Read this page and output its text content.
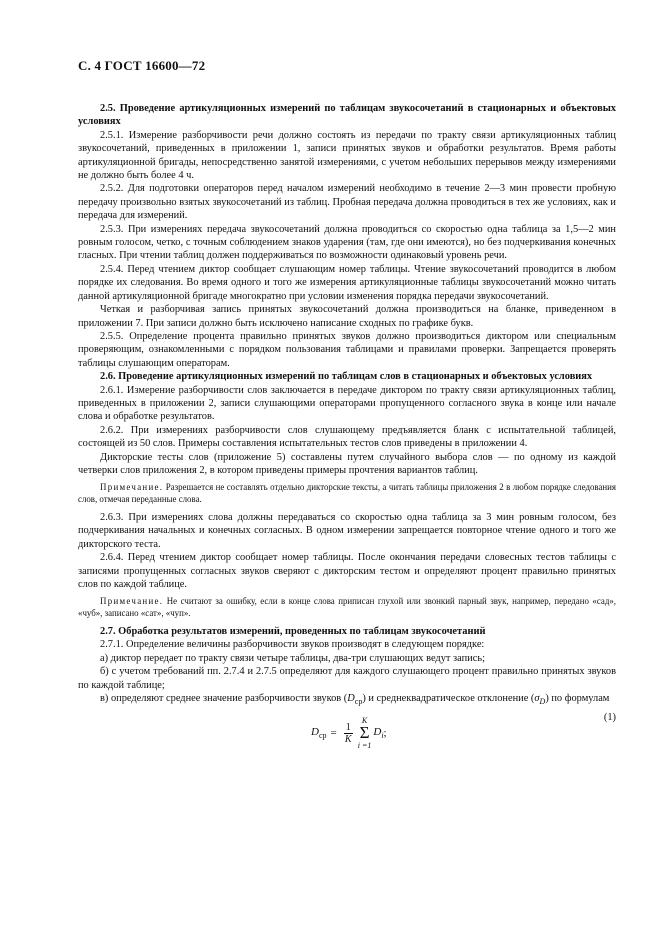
С. 4 ГОСТ 16600—72

2.5. Проведение артикуляционных измерений по таблицам звукосочетаний в стационарных и объектовых условиях

2.5.1. Измерение разборчивости речи должно состоять из передачи по тракту связи артикуляционных таблиц звукосочетаний, приведенных в приложении 1, записи принятых звуков и обработки результатов. Время работы артикуляционной бригады, непосредственно занятой измерениями, с учетом небольших перерывов между измерениями не должно быть более 4 ч.

2.5.2. Для подготовки операторов перед началом измерений необходимо в течение 2—3 мин провести пробную передачу произвольно взятых звукосочетаний из таблиц. Пробная передача должна проводиться в тех же условиях, как и передача для измерений.

2.5.3. При измерениях передача звукосочетаний должна проводиться со скоростью одна таблица за 1,5—2 мин ровным голосом, четко, с точным соблюдением знаков ударения (там, где они имеются), но без подчеркивания конечных гласных. При чтении таблиц должен поддерживаться по возможности одинаковый уровень речи.

2.5.4. Перед чтением диктор сообщает слушающим номер таблицы. Чтение звукосочетаний проводится в любом порядке их следования. Во время одного и того же измерения артикуляционные таблицы звукосочетаний можно читать данной артикуляционной бригаде многократно при условии изменения порядка передачи звукосочетаний.

Четкая и разборчивая запись принятых звукосочетаний должна производиться на бланке, приведенном в приложении 7. При записи должно быть исключено написание сходных по графике букв.

2.5.5. Определение процента правильно принятых звуков должно производиться диктором или специальным проверяющим, ознакомленными с порядком пользования таблицами и правилами проверки. Запрещается проверять таблицы слушающим операторам.

2.6. Проведение артикуляционных измерений по таблицам слов в стационарных и объектовых условиях

2.6.1. Измерение разборчивости слов заключается в передаче диктором по тракту связи артикуляционных таблиц, приведенных в приложении 2, записи слушающими операторами пропущенного согласного звука в конце или начале слова и обработке результатов.

2.6.2. При измерениях разборчивости слов слушающему предъявляется бланк с испытательной таблицей, состоящей из 50 слов. Примеры составления испытательных тестов слов приведены в приложении 4.

Дикторские тесты слов (приложение 5) составлены путем случайного выбора слов — по одному из каждой четверки слов приложения 2, в котором приведены примеры прочтения вариантов таблиц.

Примечание. Разрешается не составлять отдельно дикторские тексты, а читать таблицы приложения 2 в любом порядке следования слов, отмечая переданные слова.

2.6.3. При измерениях слова должны передаваться со скоростью одна таблица за 3 мин ровным голосом, без подчеркивания начальных и конечных согласных. В одном измерении запрещается повторное чтение одного и того же дикторского теста.

2.6.4. Перед чтением диктор сообщает номер таблицы. После окончания передачи словесных тестов таблицы с записями пропущенных согласных звуков сверяют с дикторским тестом и определяют процент правильно принятых слов по каждой таблице.

Примечание. Не считают за ошибку, если в конце слова приписан глухой или звонкий парный звук, например, передано «сад», «чуб», записано «сат», «чуп».

2.7. Обработка результатов измерений, проведенных по таблицам звукосочетаний

2.7.1. Определение величины разборчивости звуков производят в следующем порядке:

а) диктор передает по тракту связи четыре таблицы, два-три слушающих ведут запись;

б) с учетом требований пп. 2.7.4 и 2.7.5 определяют для каждого слушающего процент правильно принятых звуков по каждой таблице;

в) определяют среднее значение разборчивости звуков $(D_{ср})$ и среднеквадратическое отклонение $(\sigma_D)$ по формулам

$D_{ср} = \frac{1}{K}$
K
Σ
i =1
$D_i$ ;
(1)
